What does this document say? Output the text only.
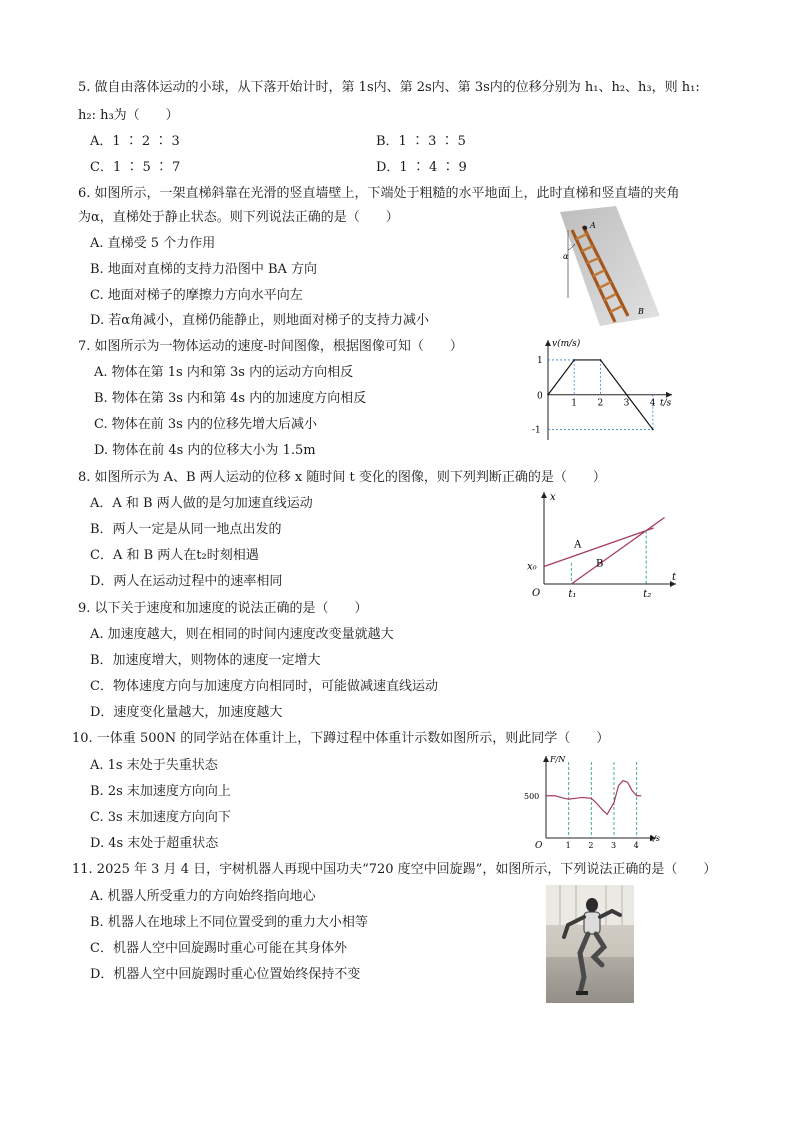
5. 做自由落体运动的小球，从下落开始计时，第 1s内、第 2s内、第 3s内的位移分别为 h₁、h₂、h₃，则 h₁:
h₂: h₃为（　　）
A．1 ∶ 2 ∶ 3	B．1 ∶ 3 ∶ 5
C．1 ∶ 5 ∶ 7	D．1 ∶ 4 ∶ 9
6. 如图所示，一架直梯斜靠在光滑的竖直墙壁上，下端处于粗糙的水平地面上，此时直梯和竖直墙的夹角
为α，直梯处于静止状态。则下列说法正确的是（　　）
A. 直梯受 5 个力作用
B. 地面对直梯的支持力沿图中 BA 方向
C. 地面对梯子的摩擦力方向水平向左
D. 若α角减小，直梯仍能静止，则地面对梯子的支持力减小
α
A
B
7. 如图所示为一物体运动的速度-时间图像，根据图像可知（　　）
A. 物体在第 1s 内和第 3s 内的运动方向相反
B. 物体在第 3s 内和第 4s 内的加速度方向相反
C. 物体在前 3s 内的位移先增大后减小
D. 物体在前 4s 内的位移大小为 1.5m
1 2 3 4
1
-1
0
v(m/s)
t/s
8. 如图所示为 A、B 两人运动的位移 x 随时间 t 变化的图像，则下列判断正确的是（　　）
A．A 和 B 两人做的是匀加速直线运动
B．两人一定是从同一地点出发的
C．A 和 B 两人在t₂时刻相遇
D．两人在运动过程中的速率相同
A
B
t₁	t₂
x₀
O
x
t
9. 以下关于速度和加速度的说法正确的是（　　）
A. 加速度越大，则在相同的时间内速度改变量就越大
B．加速度增大，则物体的速度一定增大
C．物体速度方向与加速度方向相同时，可能做减速直线运动
D．速度变化量越大，加速度越大
10. 一体重 500N 的同学站在体重计上，下蹲过程中体重计示数如图所示，则此同学（　　）
A. 1s 末处于失重状态
B. 2s 末加速度方向向上
C. 3s 末加速度方向向下
D. 4s 末处于超重状态	1 2 3 4
500
O
F/N
t/s
11. 2025 年 3 月 4 日，宇树机器人再现中国功夫“720 度空中回旋踢”，如图所示，下列说法正确的是（　　）
A. 机器人所受重力的方向始终指向地心
B. 机器人在地球上不同位置受到的重力大小相等
C．机器人空中回旋踢时重心可能在其身体外
D．机器人空中回旋踢时重心位置始终保持不变
